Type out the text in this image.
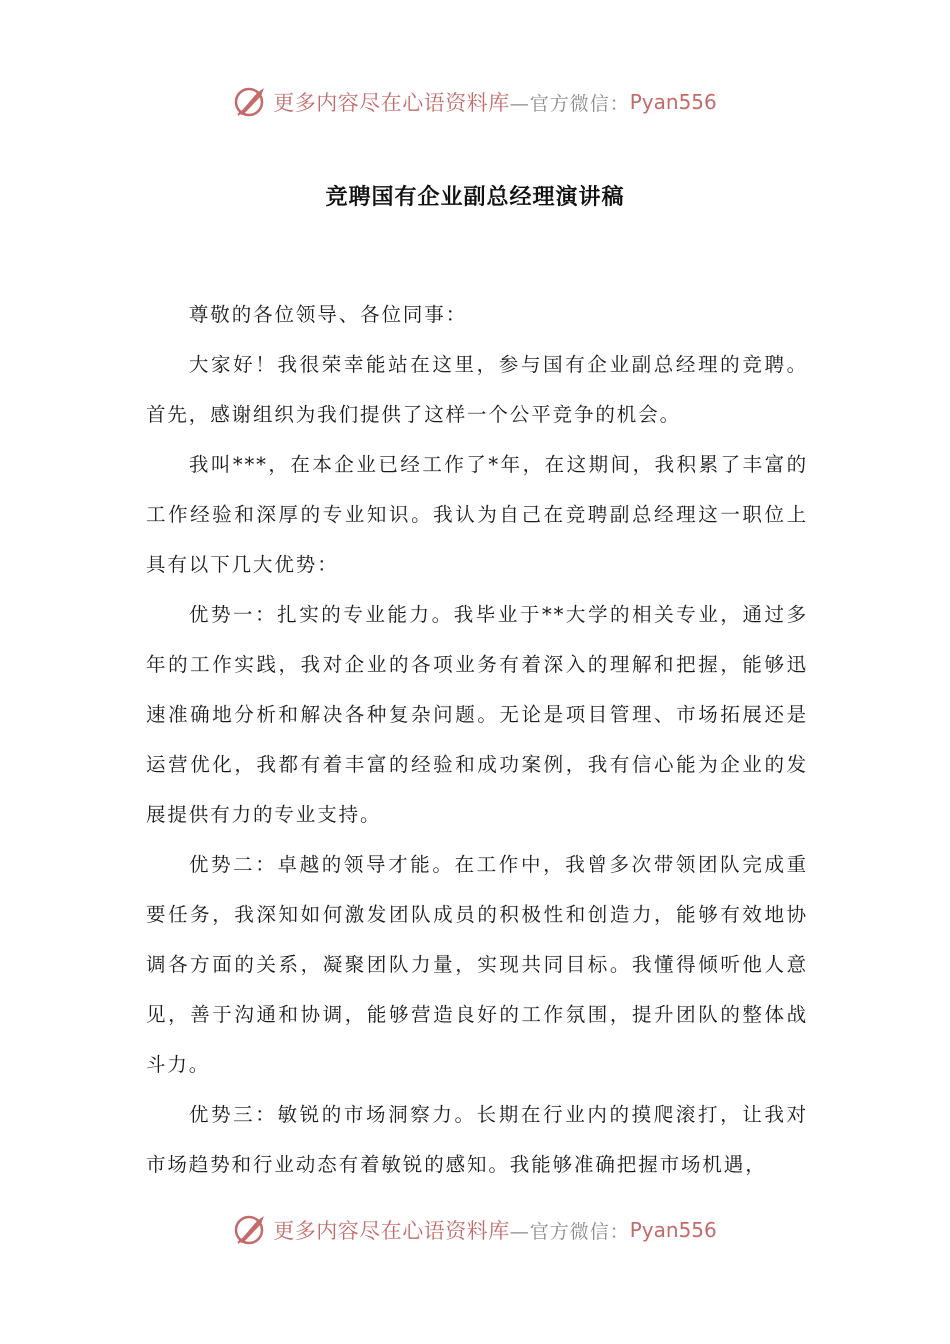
更多内容尽在心语资料库 —官方微信： Pyan556
竞聘国有企业副总经理演讲稿

尊敬的各位领导、各位同事：

大家好！我很荣幸能站在这里，参与国有企业副总经理的竞聘。首先，感谢组织为我们提供了这样一个公平竞争的机会。

我叫***，在本企业已经工作了*年，在这期间，我积累了丰富的工作经验和深厚的专业知识。我认为自己在竞聘副总经理这一职位上具有以下几大优势：

优势一：扎实的专业能力。我毕业于**大学的相关专业，通过多年的工作实践，我对企业的各项业务有着深入的理解和把握，能够迅速准确地分析和解决各种复杂问题。无论是项目管理、市场拓展还是运营优化，我都有着丰富的经验和成功案例，我有信心能为企业的发展提供有力的专业支持。

优势二：卓越的领导才能。在工作中，我曾多次带领团队完成重要任务，我深知如何激发团队成员的积极性和创造力，能够有效地协调各方面的关系，凝聚团队力量，实现共同目标。我懂得倾听他人意见，善于沟通和协调，能够营造良好的工作氛围，提升团队的整体战斗力。

优势三：敏锐的市场洞察力。长期在行业内的摸爬滚打，让我对市场趋势和行业动态有着敏锐的感知。我能够准确把握市场机遇，

更多内容尽在心语资料库 —官方微信： Pyan556
